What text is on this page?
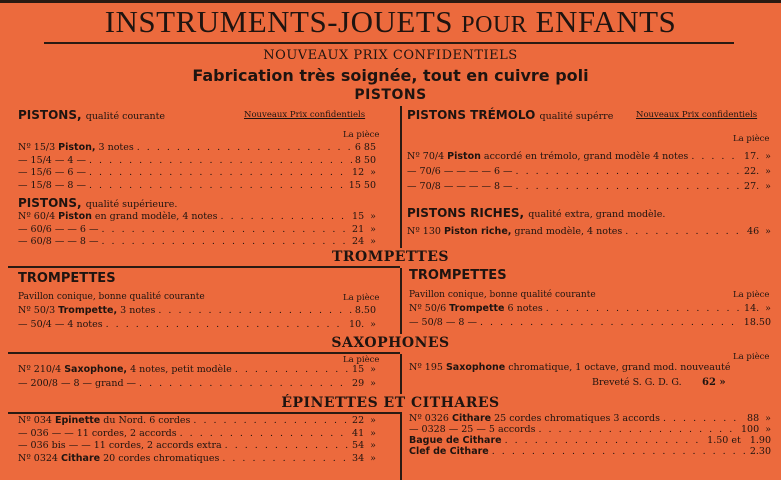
INSTRUMENTS-JOUETS POUR ENFANTS
NOUVEAUX PRIX CONFIDENTIELS
Fabrication très soignée, tout en cuivre poli
PISTONS
PISTONS, qualité courante	Nouveaux Prix confidentiels
La pièce
Nº 15/3 Piston, 3 notes . . .	6 85
— 15/4 — 4 — . . .	8 50
— 15/6 — 6 — . . .	12  »
— 15/8 — 8 — . . .	15 50
PISTONS, qualité supérieure.
Nº 60/4 Piston en grand modèle, 4 notes . . .	15  »
— 60/6 — — 6 — . . .	21  »
— 60/8 — — 8 — . . .	24  »
PISTONS TRÉMOLO qualité supérre	Nouveaux Prix confidentiels
La pièce
Nº 70/4 Piston accordé en trémolo, grand modèle 4 notes . . .	17.  »
— 70/6 — — — — 6 — . . .	22.  »
— 70/8 — — — — 8 — . . .	27.  »
PISTONS RICHES, qualité extra, grand modèle.
Nº 130 Piston riche, grand modèle, 4 notes . . .	46  »
TROMPETTES
TROMPETTES
Pavillon conique, bonne qualité courante	La pièce
Nº 50/3 Trompette, 3 notes . . .	8.50
— 50/4 — 4 notes . . .	10.  »
TROMPETTES
Pavillon conique, bonne qualité courante	La pièce
Nº 50/6 Trompette 6 notes . . .	14.  »
— 50/8 — 8 — . . .	18.50
SAXOPHONES
La pièce
Nº 210/4 Saxophone, 4 notes, petit modèle . . .	15  »
— 200/8 — 8 — grand — . . .	29  »
La pièce
Nº 195 Saxophone chromatique, 1 octave, grand mod. nouveauté
Breveté S. G. D. G. 62 »
ÉPINETTES ET CITHARES
Nº 034 Epinette du Nord. 6 cordes . . .	22  »
— 036 — — 11 cordes, 2 accords . . .	41  »
— 036 bis — — 11 cordes, 2 accords extra . . .	54  »
Nº 0324 Cithare 20 cordes chromatiques . . .	34  »
Nº 0326 Cithare 25 cordes chromatiques 3 accords . . .	88  »
— 0328 — 25 — 5 accords . . .	100  »
Bague de Cithare . . .	1.50 et   1.90
Clef de Cithare . . .	2.30
